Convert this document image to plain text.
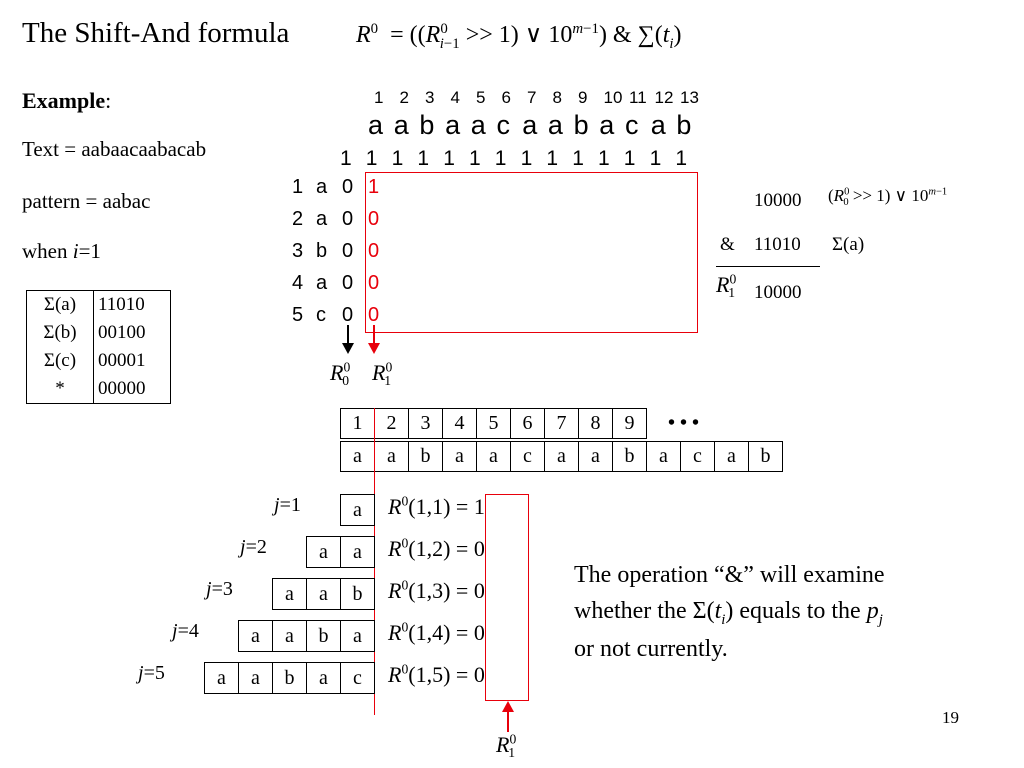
The Shift-And formula	$R^0 = ((R^0_{i-1} >> 1)$ ∨ $10^{m-1}$) & $\sum(t_i)$
Example:
Text = aabaacaabacab
pattern = aabac
when i=1
Σ(a)	11010
Σ(b)	00100
Σ(c)	00001
*	00000
1 2 3 4 5 6 7 8 9 10 11 12 13
a a b a a c a a b a c a b
1 1 1 1 1 1 1 1 1 1 1 1 1 1
1 a 0 1
2 a 0 0
3 b 0 0
4 a 0 0
5 c 0 0
$R^0_0$ $R^0_1$
10000 $(R^0_0 >> 1)$ ∨ $10^{m-1}$
& 11010 Σ(a)
$R^0_1$ 10000
1	2	3	4	5	6	7	8	9 • • •
a	a	b	a	a	c	a	a	b	a	c	a	b
j=1	a	$R^0(1,1) = 1$
j=2	a	a	$R^0(1,2) = 0$
j=3	a	a	b	$R^0(1,3) = 0$
j=4	a	a	b	a	$R^0(1,4) = 0$
j=5	a	a	b	a	c	$R^0(1,5) = 0$
$R^0_1$
The operation “&” will examine
whether the $\Sigma(t_i)$ equals to the $p_j$
or not currently.
19
